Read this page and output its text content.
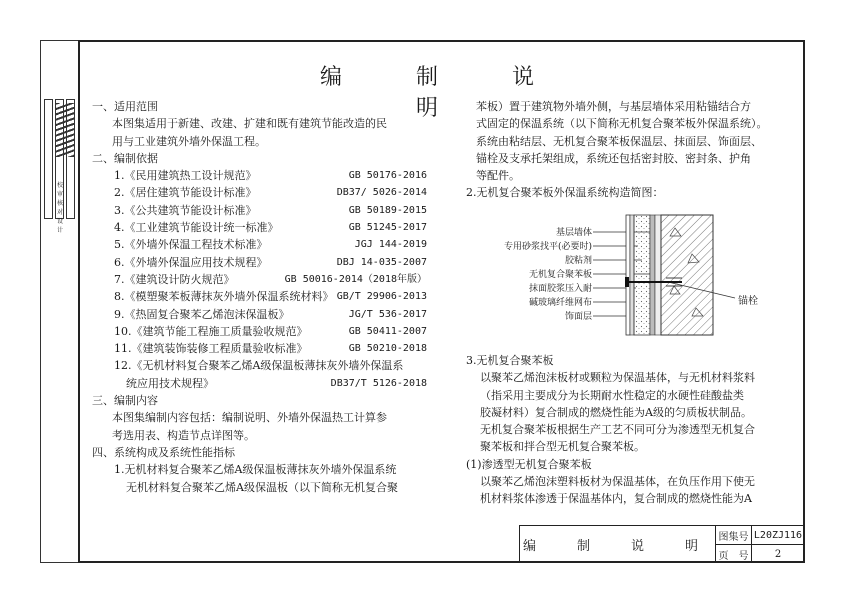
校
审
核
对
设
计
编　制　说　明
一、适用范围
本图集适用于新建、改建、扩建和既有建筑节能改造的民
用与工业建筑外墙外保温工程。
二、编制依据
1.《民用建筑热工设计规范》	GB 50176-2016
2.《居住建筑节能设计标准》	DB37/ 5026-2014
3.《公共建筑节能设计标准》	GB 50189-2015
4.《工业建筑节能设计统一标准》	GB 51245-2017
5.《外墙外保温工程技术标准》	JGJ 144-2019
6.《外墙外保温应用技术规程》	DBJ 14-035-2007
7.《建筑设计防火规范》	GB 50016-2014（2018年版）
8.《模塑聚苯板薄抹灰外墙外保温系统材料》 GB/T 29906-2013
9.《热固复合聚苯乙烯泡沫保温板》	JG/T 536-2017
10.《建筑节能工程施工质量验收规范》	GB 50411-2007
11.《建筑装饰装修工程质量验收标准》	GB 50210-2018
12.《无机材料复合聚苯乙烯A级保温板薄抹灰外墙外保温系
统应用技术规程》	DB37/T 5126-2018
三、编制内容
本图集编制内容包括：编制说明、外墙外保温热工计算参
考选用表、构造节点详图等。
四、系统构成及系统性能指标
1.无机材料复合聚苯乙烯A级保温板薄抹灰外墙外保温系统
无机材料复合聚苯乙烯A级保温板（以下简称无机复合聚
苯板）置于建筑物外墙外侧，与基层墙体采用粘锚结合方
式固定的保温系统（以下简称无机复合聚苯板外保温系统）。
系统由粘结层、无机复合聚苯板保温层、抹面层、饰面层、
锚栓及支承托架组成，系统还包括密封胶、密封条、护角
等配件。
2.无机复合聚苯板外保温系统构造简图：
基层墙体
专用砂浆找平(必要时)
胶粘剂
无机复合聚苯板
抹面胶浆压入耐
碱玻璃纤维网布
饰面层
锚栓
3.无机复合聚苯板
以聚苯乙烯泡沫板材或颗粒为保温基体，与无机材料浆料
（指采用主要成分为长期耐水性稳定的水硬性硅酸盐类
胶凝材料）复合制成的燃烧性能为A级的匀质板状制品。
无机复合聚苯板根据生产工艺不同可分为渗透型无机复合
聚苯板和拌合型无机复合聚苯板。
(1)渗透型无机复合聚苯板
以聚苯乙烯泡沫塑料板材为保温基体，在负压作用下使无
机材料浆体渗透于保温基体内，复合制成的燃烧性能为A
编　制　说　明
图集号 L20ZJ116
页　号	2
